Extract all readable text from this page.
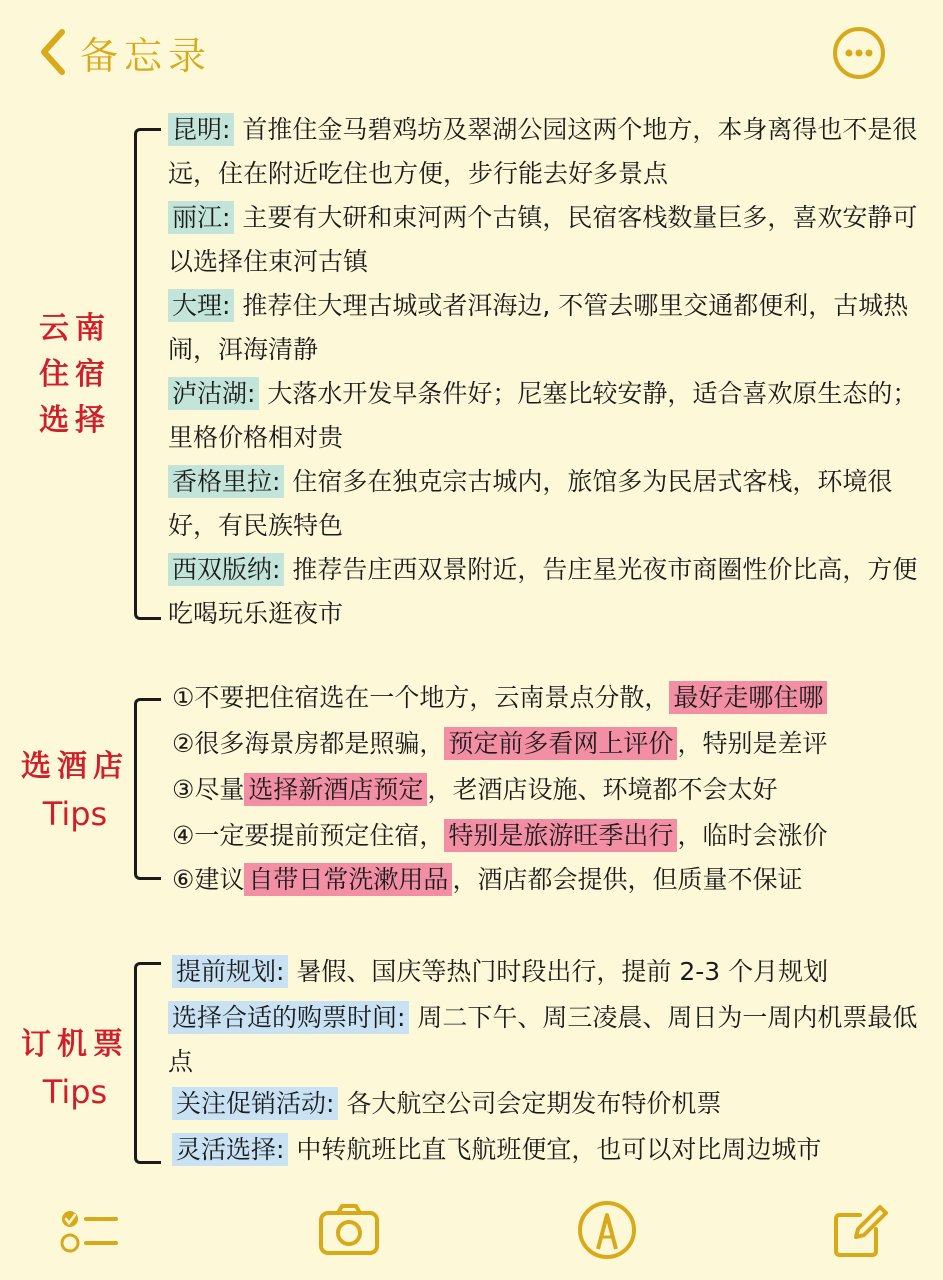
备忘录
云南
住宿
选择
昆明: 首推住金马碧鸡坊及翠湖公园这两个地方，本身离得也不是很远，住在附近吃住也方便，步行能去好多景点
丽江: 主要有大研和束河两个古镇，民宿客栈数量巨多，喜欢安静可以选择住束河古镇
大理: 推荐住大理古城或者洱海边, 不管去哪里交通都便利，古城热闹，洱海清静
泸沽湖: 大落水开发早条件好；尼塞比较安静，适合喜欢原生态的；里格价格相对贵
香格里拉: 住宿多在独克宗古城内，旅馆多为民居式客栈，环境很好，有民族特色
西双版纳: 推荐告庄西双景附近，告庄星光夜市商圈性价比高，方便吃喝玩乐逛夜市
选酒店
Tips
①不要把住宿选在一个地方，云南景点分散， 最好走哪住哪
②很多海景房都是照骗， 预定前多看网上评价 ，特别是差评
③尽量 选择新酒店预定 ，老酒店设施、环境都不会太好
④一定要提前预定住宿， 特别是旅游旺季出行 ，临时会涨价
⑥建议 自带日常洗漱用品 ，酒店都会提供，但质量不保证
订机票
Tips
提前规划: 暑假、国庆等热门时段出行，提前 2-3 个月规划
选择合适的购票时间: 周二下午、周三凌晨、周日为一周内机票最低点
关注促销活动: 各大航空公司会定期发布特价机票
灵活选择: 中转航班比直飞航班便宜，也可以对比周边城市
